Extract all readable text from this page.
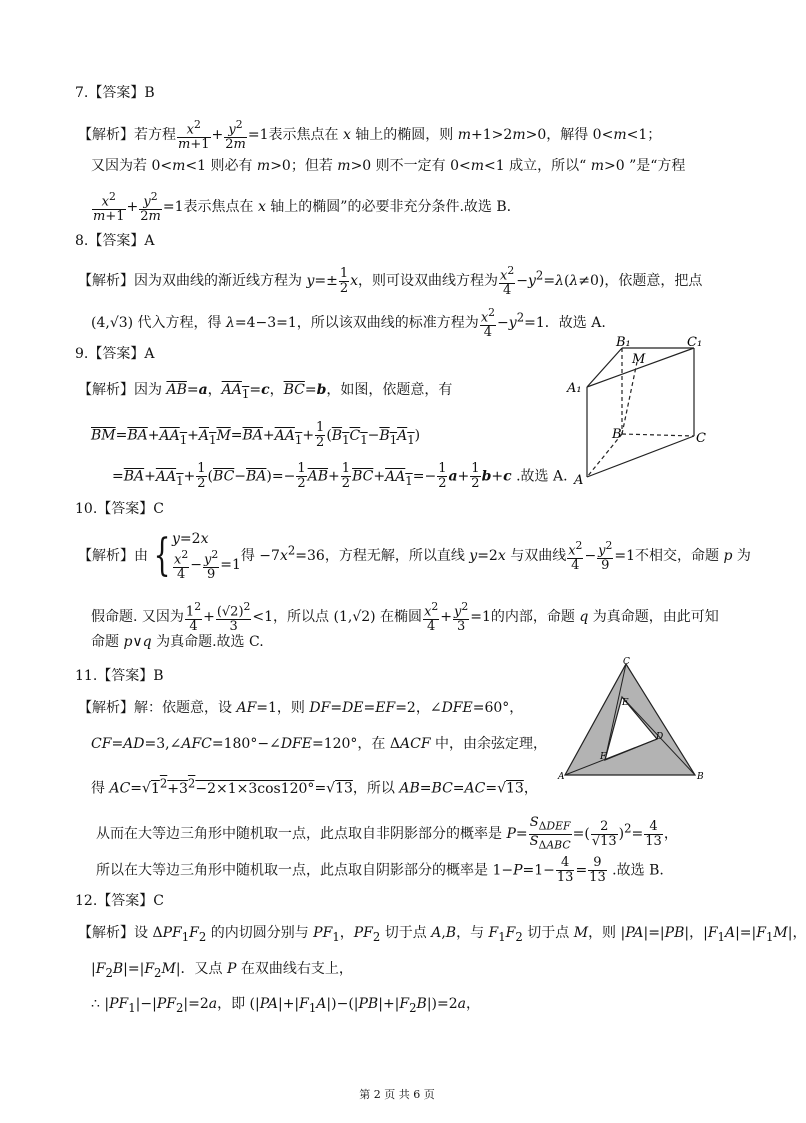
7.【答案】B
【解析】若方程 $\frac{x^2}{m+1} + \frac{y^2}{2m} =1$表示焦点在 x 轴上的椭圆，则 m+1>2m>0，解得 0<m<1；
又因为若 0<m<1 则必有 m>0；但若 m>0 则不一定有 0<m<1 成立，所以“ m>0 ”是“方程
$\frac{x^2}{m+1} + \frac{y^2}{2m} =1$表示焦点在 x 轴上的椭圆”的必要非充分条件.故选 B.
8.【答案】A
【解析】因为双曲线的渐近线方程为 $y=\pm \frac{1}{2}$ x，则可设双曲线方程为 $\frac{x^2}{4} -y^2=\lambda(\lambda\ne 0)$，依题意，把点
(4,√3) 代入方程，得 λ=4−3=1，所以该双曲线的标准方程为 $\frac{x^2}{4} -y^2=1$．故选 A.
9.【答案】A
【解析】因为 $\overline{AB}=a$，$AA_1=c$，$\overline{BC}=b$，如图，依题意，有
$\overline{BM}=\overline{BA}+AA_1+A_1M=\overline{BA}+AA_1+ \frac{1}{2} (B_1C_1-B_1A_1)$
$=\overline{BA}+AA_1+ \frac{1}{2} (\overline{BC}-\overline{BA})=- \frac{1}{2} \overline{AB}+ \frac{1}{2} \overline{BC}+AA_1=- \frac{1}{2} a+ \frac{1}{2} b+c$ .故选 A.
B₁
M
C₁
A₁
B	C
A
10.【答案】C
【解析】由 { y=2x
$\frac{x^2}{4} - \frac{y^2}{9} =1$
得 $-7x^2=36$，方程无解，所以直线 y=2x 与双曲线 $\frac{x^2}{4} - \frac{y^2}{9} =1$不相交，命题 p 为
假命题. 又因为 $\frac{1^2}{4} + \frac{(√2)^2}{3} <1$，所以点 (1,√2) 在椭圆 $\frac{x^2}{4} + \frac{y^2}{3} =1$的内部，命题 q 为真命题，由此可知
命题 p∨q 为真命题.故选 C.
11.【答案】B
【解析】解：依题意，设 AF=1，则 DF=DE=EF=2，∠DFE=60°，
CF=AD=3,∠AFC=180°−∠DFE=120°，在 ΔACF 中，由余弦定理，
得 $AC=√1^2+3^2-2\times 1\times 3\cos 120^\circ=√13$，所以 AB=BC=AC=√13，
从而在大等边三角形中随机取一点，此点取自非阴影部分的概率是 $P= \frac{S_{\Delta DEF}}{S_{\Delta ABC}}$ =( $\frac{2}{√13} )^2= \frac{4}{13}$ ，
所以在大等边三角形中随机取一点，此点取自阴影部分的概率是 $1-P=1- \frac{4}{13} = \frac{9}{13}$ .故选 B.
C
E
D
F
A	B
12.【答案】C
【解析】设 $\Delta PF_1F_2$ 的内切圆分别与 $PF_1$，$PF_2$ 切于点 A,B，与 $F_1F_2$ 切于点 M，则 |PA|=|PB|，$|F_1A|=|F_1M|$，
$|F_2B|=|F_2M|$．又点 P 在双曲线右支上，
∴ $|PF_1|-|PF_2|=2a$，即 $(|PA|+|F_1A|)-(|PB|+|F_2B|)=2a$，
第 2 页 共 6 页
